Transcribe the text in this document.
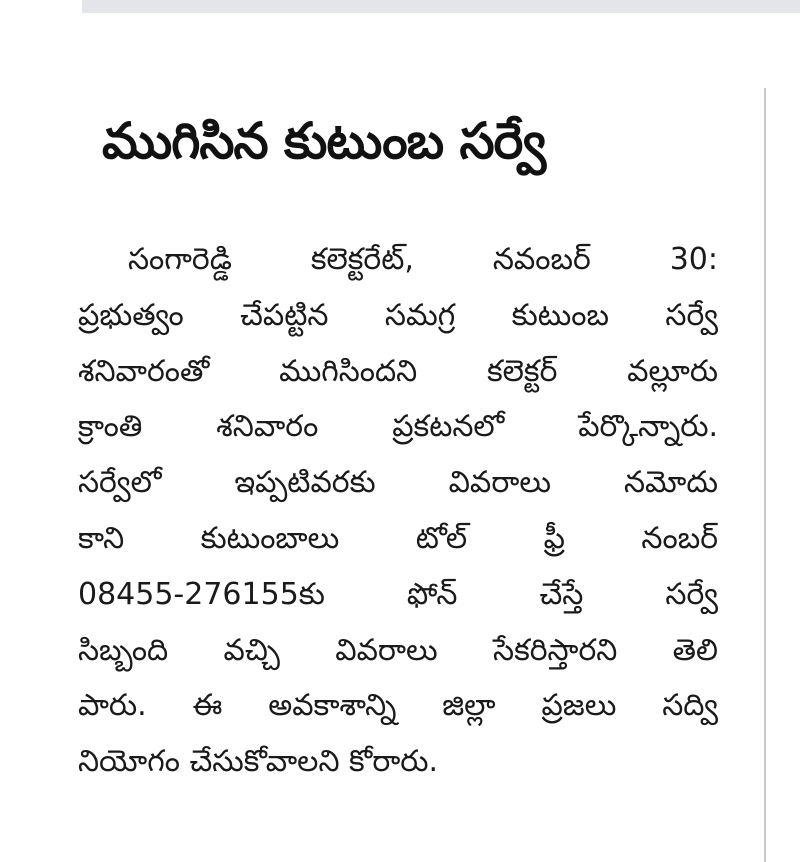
ముగిసిన కుటుంబ సర్వే
సంగారెడ్డి కలెక్టరేట్, నవంబర్ 30:
ప్రభుత్వం చేపట్టిన సమగ్ర కుటుంబ సర్వే
శనివారంతో ముగిసిందని కలెక్టర్ వల్లూరు
క్రాంతి శనివారం ప్రకటనలో పేర్కొన్నారు.
సర్వేలో ఇప్పటివరకు వివరాలు నమోదు
కాని కుటుంబాలు టోల్ ఫ్రీ నంబర్
08455-276155కు ఫోన్ చేస్తే సర్వే
సిబ్బంది వచ్చి వివరాలు సేకరిస్తారని తెలి
పారు. ఈ అవకాశాన్ని జిల్లా ప్రజలు సద్వి
నియోగం చేసుకోవాలని కోరారు.
